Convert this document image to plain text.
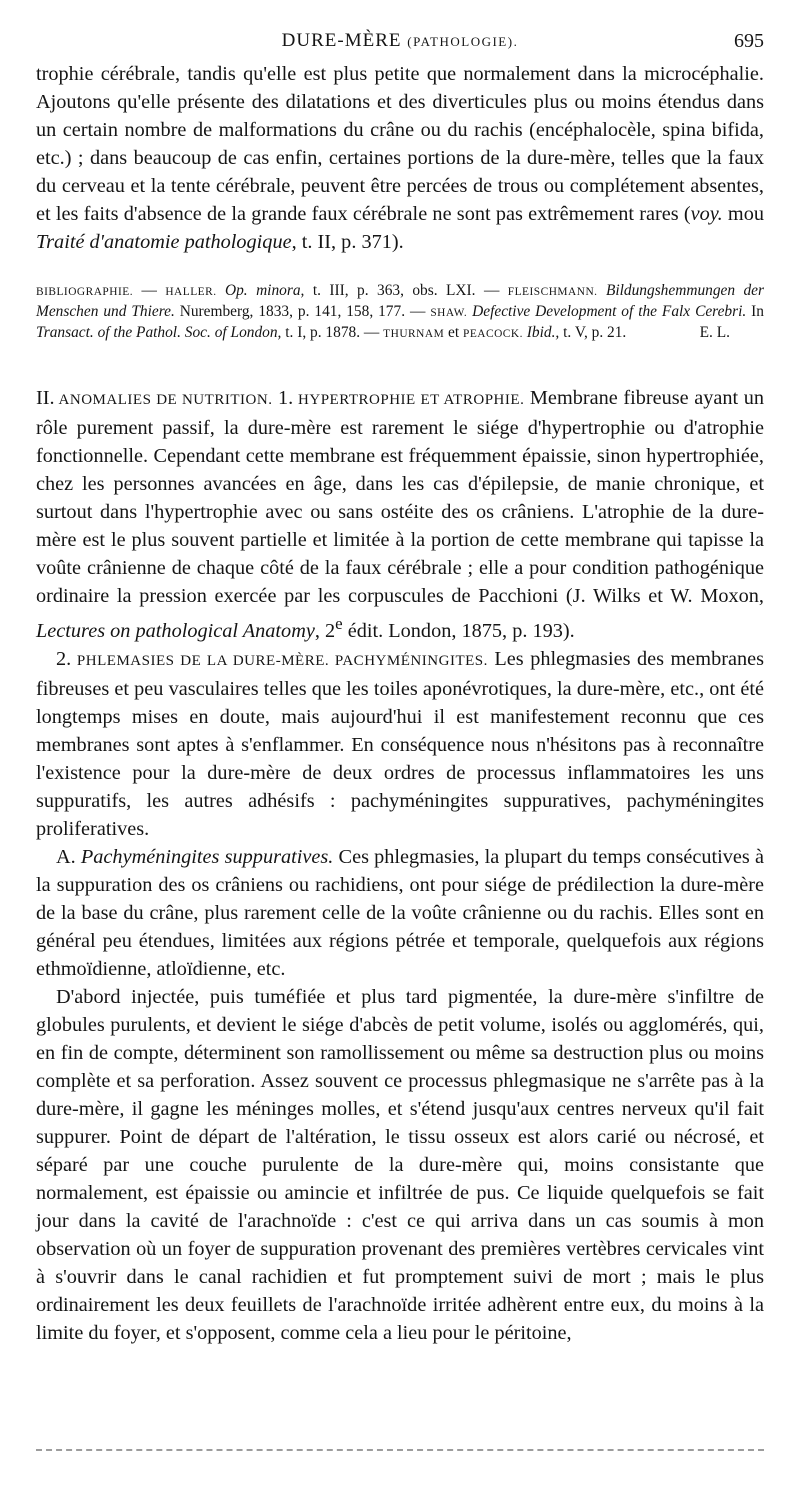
DURE-MÈRE (PATHOLOGIE).	695

trophie cérébrale, tandis qu'elle est plus petite que normalement dans la microcéphalie. Ajoutons qu'elle présente des dilatations et des diverticules plus ou moins étendus dans un certain nombre de malformations du crâne ou du rachis (encéphalocèle, spina bifida, etc.) ; dans beaucoup de cas enfin, certaines portions de la dure-mère, telles que la faux du cerveau et la tente cérébrale, peuvent être percées de trous ou complétement absentes, et les faits d'absence de la grande faux cérébrale ne sont pas extrêmement rares (voy. mou Traité d'anatomie pathologique, t. II, p. 371).

BIBLIOGRAPHIE. — HALLER. Op. minora, t. III, p. 363, obs. LXI. — FLEISCHMANN. Bildungshemmungen der Menschen und Thiere. Nuremberg, 1833, p. 141, 158, 177. — SHAW. Defective Development of the Falx Cerebri. In Transact. of the Pathol. Soc. of London, t. I, p. 1878. — THURNAM et PEACOCK. Ibid., t. V, p. 21.	E. L.

II. ANOMALIES DE NUTRITION. 1. HYPERTROPHIE ET ATROPHIE. Membrane fibreuse ayant un rôle purement passif, la dure-mère est rarement le siége d'hypertrophie ou d'atrophie fonctionnelle. Cependant cette membrane est fréquemment épaissie, sinon hypertrophiée, chez les personnes avancées en âge, dans les cas d'épilepsie, de manie chronique, et surtout dans l'hypertrophie avec ou sans ostéite des os crâniens. L'atrophie de la dure-mère est le plus souvent partielle et limitée à la portion de cette membrane qui tapisse la voûte crânienne de chaque côté de la faux cérébrale ; elle a pour condition pathogénique ordinaire la pression exercée par les corpuscules de Pacchioni (J. Wilks et W. Moxon, Lectures on pathological Anatomy, 2e édit. London, 1875, p. 193).

2. PHLEMASIES DE LA DURE-MÈRE. PACHYMÉNINGITES. Les phlegmasies des membranes fibreuses et peu vasculaires telles que les toiles aponévrotiques, la dure-mère, etc., ont été longtemps mises en doute, mais aujourd'hui il est manifestement reconnu que ces membranes sont aptes à s'enflammer. En conséquence nous n'hésitons pas à reconnaître l'existence pour la dure-mère de deux ordres de processus inflammatoires les uns suppuratifs, les autres adhésifs : pachyméningites suppuratives, pachyméningites proliferatives.

A. Pachyméningites suppuratives. Ces phlegmasies, la plupart du temps consécutives à la suppuration des os crâniens ou rachidiens, ont pour siége de prédilection la dure-mère de la base du crâne, plus rarement celle de la voûte crânienne ou du rachis. Elles sont en général peu étendues, limitées aux régions pétrée et temporale, quelquefois aux régions ethmoïdienne, atloïdienne, etc.

D'abord injectée, puis tuméfiée et plus tard pigmentée, la dure-mère s'infiltre de globules purulents, et devient le siége d'abcès de petit volume, isolés ou agglomérés, qui, en fin de compte, déterminent son ramollissement ou même sa destruction plus ou moins complète et sa perforation. Assez souvent ce processus phlegmasique ne s'arrête pas à la dure-mère, il gagne les méninges molles, et s'étend jusqu'aux centres nerveux qu'il fait suppurer. Point de départ de l'altération, le tissu osseux est alors carié ou nécrosé, et séparé par une couche purulente de la dure-mère qui, moins consistante que normalement, est épaissie ou amincie et infiltrée de pus. Ce liquide quelquefois se fait jour dans la cavité de l'arachnoïde : c'est ce qui arriva dans un cas soumis à mon observation où un foyer de suppuration provenant des premières vertèbres cervicales vint à s'ouvrir dans le canal rachidien et fut promptement suivi de mort ; mais le plus ordinairement les deux feuillets de l'arachnoïde irritée adhèrent entre eux, du moins à la limite du foyer, et s'opposent, comme cela a lieu pour le péritoine,
